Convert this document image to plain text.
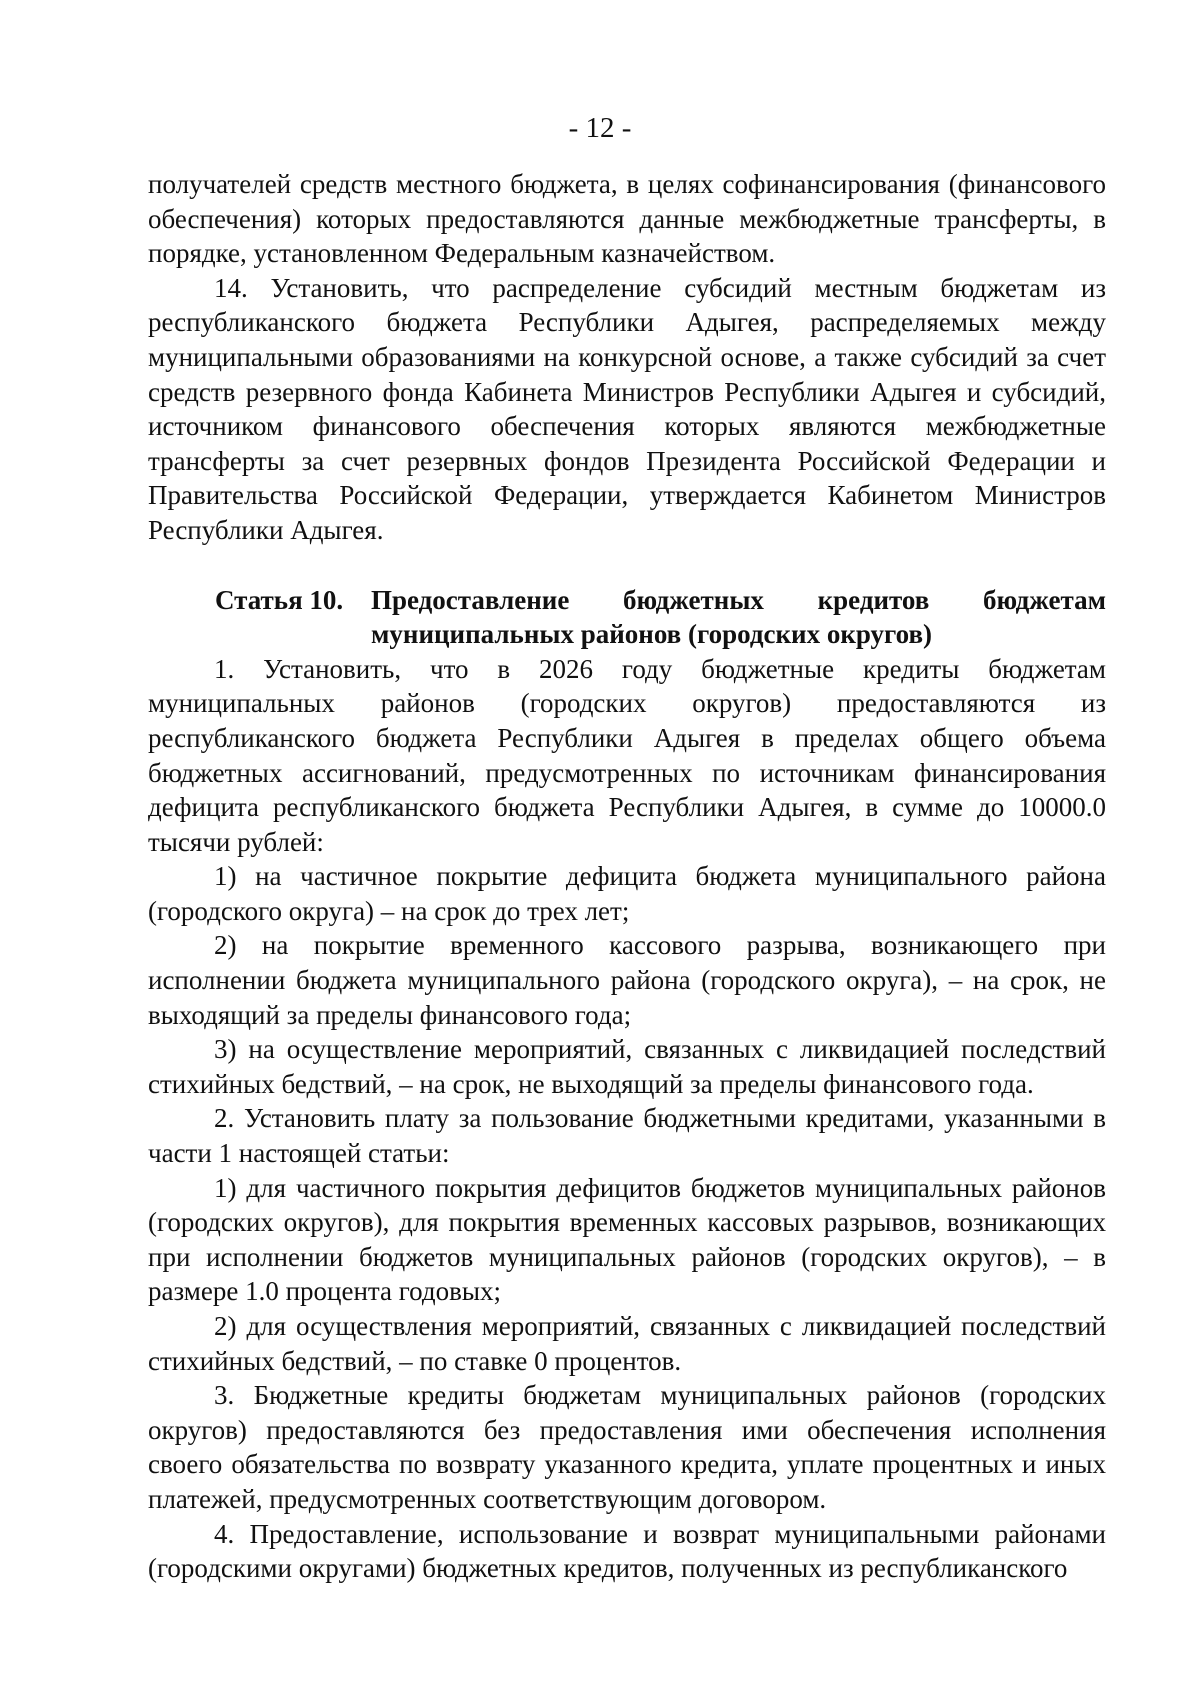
- 12 -

получателей средств местного бюджета, в целях софинансирования (финансового обеспечения) которых предоставляются данные межбюджетные трансферты, в порядке, установленном Федеральным казначейством.

14. Установить, что распределение субсидий местным бюджетам из республиканского бюджета Республики Адыгея, распределяемых между муниципальными образованиями на конкурсной основе, а также субсидий за счет средств резервного фонда Кабинета Министров Республики Адыгея и субсидий, источником финансового обеспечения которых являются межбюджетные трансферты за счет резервных фондов Президента Российской Федерации и Правительства Российской Федерации, утверждается Кабинетом Министров Республики Адыгея.

Статья 10.	Предоставление бюджетных кредитов бюджетам муниципальных районов (городских округов)

1. Установить, что в 2026 году бюджетные кредиты бюджетам муниципальных районов (городских округов) предоставляются из республиканского бюджета Республики Адыгея в пределах общего объема бюджетных ассигнований, предусмотренных по источникам финансирования дефицита республиканского бюджета Республики Адыгея, в сумме до 10000.0 тысячи рублей:

1) на частичное покрытие дефицита бюджета муниципального района (городского округа) – на срок до трех лет;

2) на покрытие временного кассового разрыва, возникающего при исполнении бюджета муниципального района (городского округа), – на срок, не выходящий за пределы финансового года;

3) на осуществление мероприятий, связанных с ликвидацией последствий стихийных бедствий, – на срок, не выходящий за пределы финансового года.

2. Установить плату за пользование бюджетными кредитами, указанными в части 1 настоящей статьи:

1) для частичного покрытия дефицитов бюджетов муниципальных районов (городских округов), для покрытия временных кассовых разрывов, возникающих при исполнении бюджетов муниципальных районов (городских округов), – в размере 1.0 процента годовых;

2) для осуществления мероприятий, связанных с ликвидацией последствий стихийных бедствий, – по ставке 0 процентов.

3. Бюджетные кредиты бюджетам муниципальных районов (городских округов) предоставляются без предоставления ими обеспечения исполнения своего обязательства по возврату указанного кредита, уплате процентных и иных платежей, предусмотренных соответствующим договором.

4. Предоставление, использование и возврат муниципальными районами (городскими округами) бюджетных кредитов, полученных из республиканского
